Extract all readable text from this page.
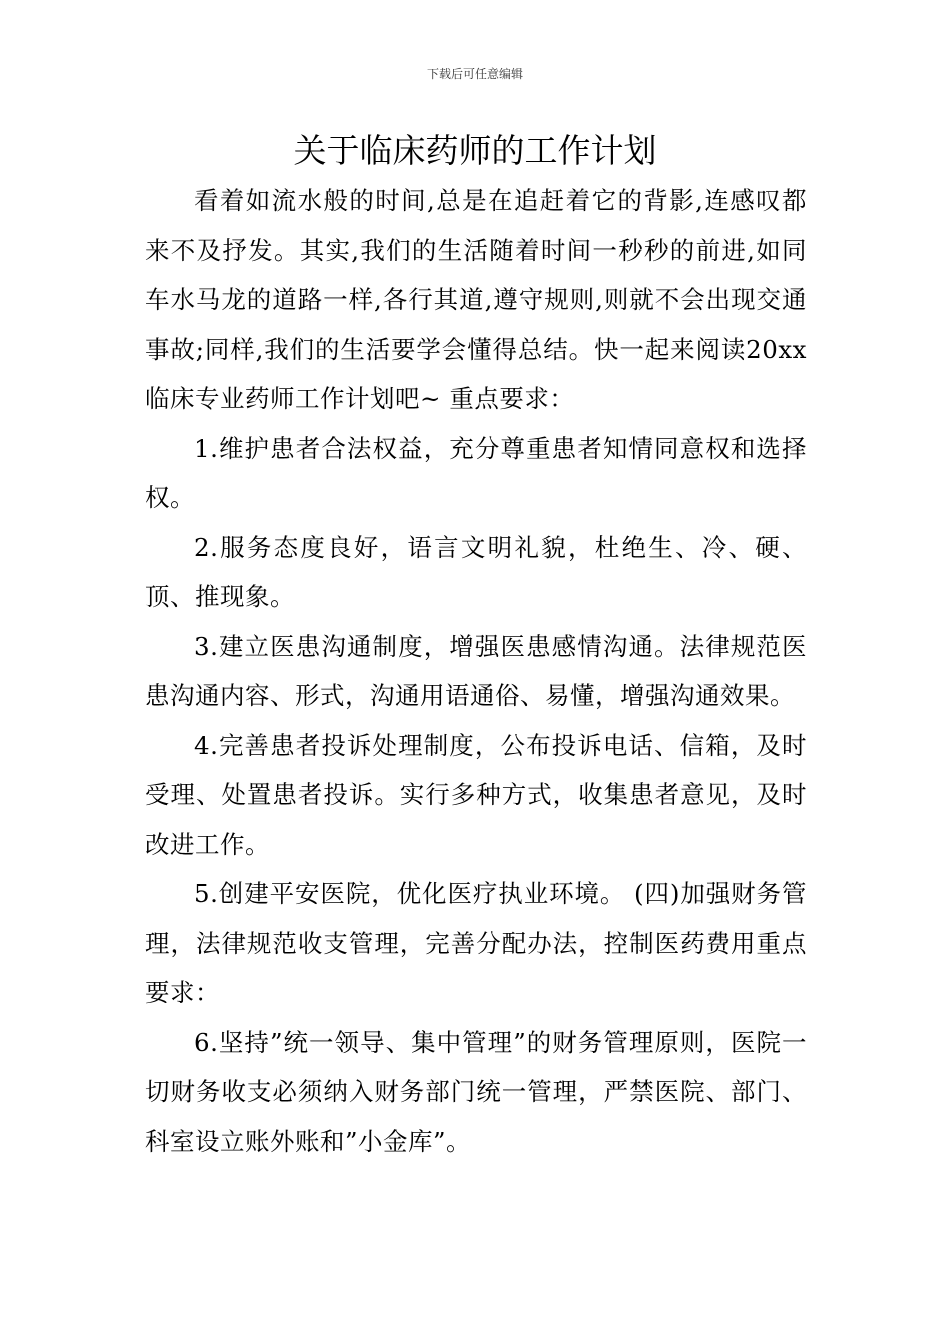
下载后可任意编辑
关于临床药师的工作计划

看着如流水般的时间,总是在追赶着它的背影,连感叹都来不及抒发。其实,我们的生活随着时间一秒秒的前进,如同车水马龙的道路一样,各行其道,遵守规则,则就不会出现交通事故;同样,我们的生活要学会懂得总结。快一起来阅读20xx临床专业药师工作计划吧~ 重点要求：

1.维护患者合法权益，充分尊重患者知情同意权和选择权。

2.服务态度良好，语言文明礼貌，杜绝生、冷、硬、顶、推现象。

3.建立医患沟通制度，增强医患感情沟通。法律规范医患沟通内容、形式，沟通用语通俗、易懂，增强沟通效果。

4.完善患者投诉处理制度，公布投诉电话、信箱，及时受理、处置患者投诉。实行多种方式，收集患者意见，及时改进工作。

5.创建平安医院，优化医疗执业环境。 (四)加强财务管理，法律规范收支管理，完善分配办法，控制医药费用重点要求：

6.坚持”统一领导、集中管理”的财务管理原则，医院一切财务收支必须纳入财务部门统一管理，严禁医院、部门、科室设立账外账和”小金库”。
